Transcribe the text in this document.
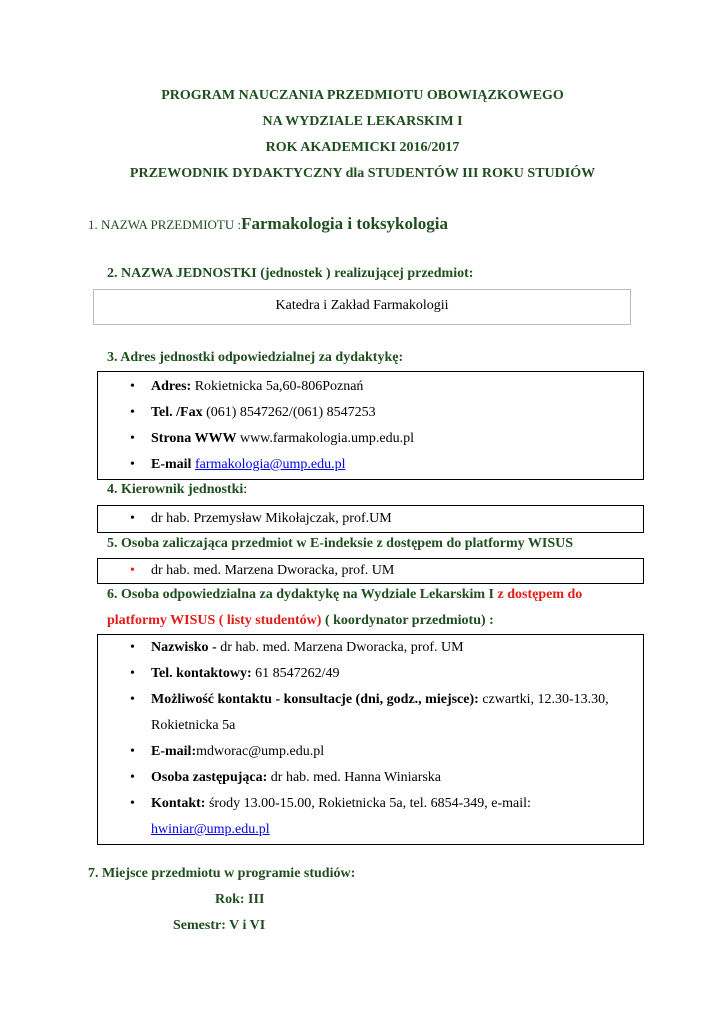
PROGRAM NAUCZANIA PRZEDMIOTU OBOWIĄZKOWEGO
NA WYDZIALE LEKARSKIM I
ROK AKADEMICKI 2016/2017
PRZEWODNIK DYDAKTYCZNY dla STUDENTÓW III ROKU STUDIÓW
1. NAZWA PRZEDMIOTU :Farmakologia i toksykologia
2. NAZWA JEDNOSTKI (jednostek ) realizującej przedmiot:
Katedra i Zakład Farmakologii
3. Adres jednostki odpowiedzialnej za dydaktykę:
• Adres: Rokietnicka 5a,60-806Poznań
• Tel. /Fax (061) 8547262/(061) 8547253
• Strona WWW www.farmakologia.ump.edu.pl
• E-mail farmakologia@ump.edu.pl
4. Kierownik jednostki:
• dr hab. Przemysław Mikołajczak, prof.UM
5. Osoba zaliczająca przedmiot w E-indeksie z dostępem do platformy WISUS
• dr hab. med. Marzena Dworacka, prof. UM
6. Osoba odpowiedzialna za dydaktykę na Wydziale Lekarskim I z dostępem do
platformy WISUS ( listy studentów) ( koordynator przedmiotu) :
• Nazwisko - dr hab. med. Marzena Dworacka, prof. UM
• Tel. kontaktowy: 61 8547262/49
• Możliwość kontaktu - konsultacje (dni, godz., miejsce): czwartki, 12.30-13.30,
Rokietnicka 5a
• E-mail:mdworac@ump.edu.pl
• Osoba zastępująca: dr hab. med. Hanna Winiarska
• Kontakt: środy 13.00-15.00, Rokietnicka 5a, tel. 6854-349, e-mail:
hwiniar@ump.edu.pl
7. Miejsce przedmiotu w programie studiów:
Rok: III
Semestr: V i VI
